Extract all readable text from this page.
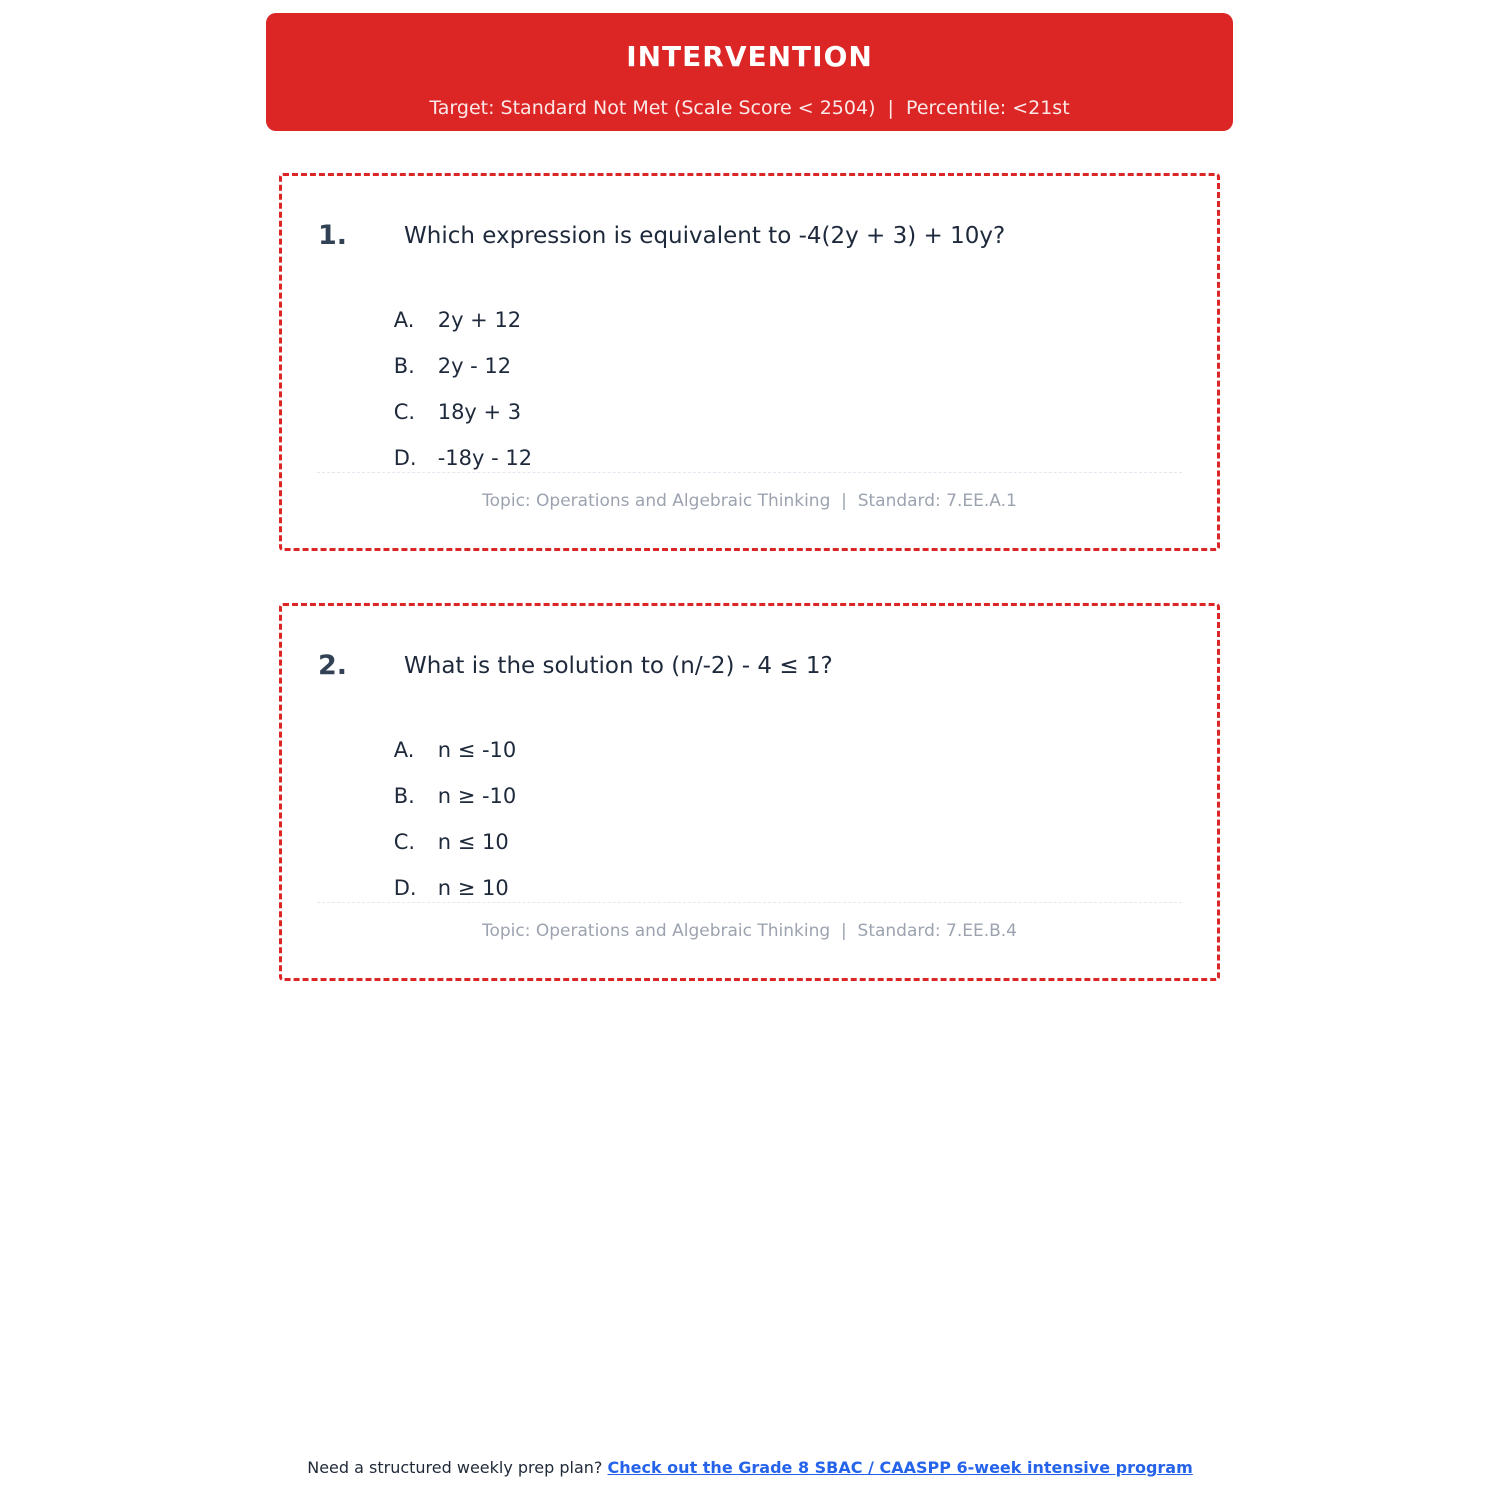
INTERVENTION
Target: Standard Not Met (Scale Score < 2504)  |  Percentile: <21st
1. Which expression is equivalent to -4(2y + 3) + 10y?

A. 2y + 12

B. 2y - 12

C. 18y + 3

D. -18y - 12

Topic: Operations and Algebraic Thinking  |  Standard: 7.EE.A.1
2. What is the solution to (n/-2) - 4 ≤ 1?

A. n ≤ -10

B. n ≥ -10

C. n ≤ 10

D. n ≥ 10

Topic: Operations and Algebraic Thinking  |  Standard: 7.EE.B.4
Need a structured weekly prep plan? Check out the Grade 8 SBAC / CAASPP 6-week intensive program
